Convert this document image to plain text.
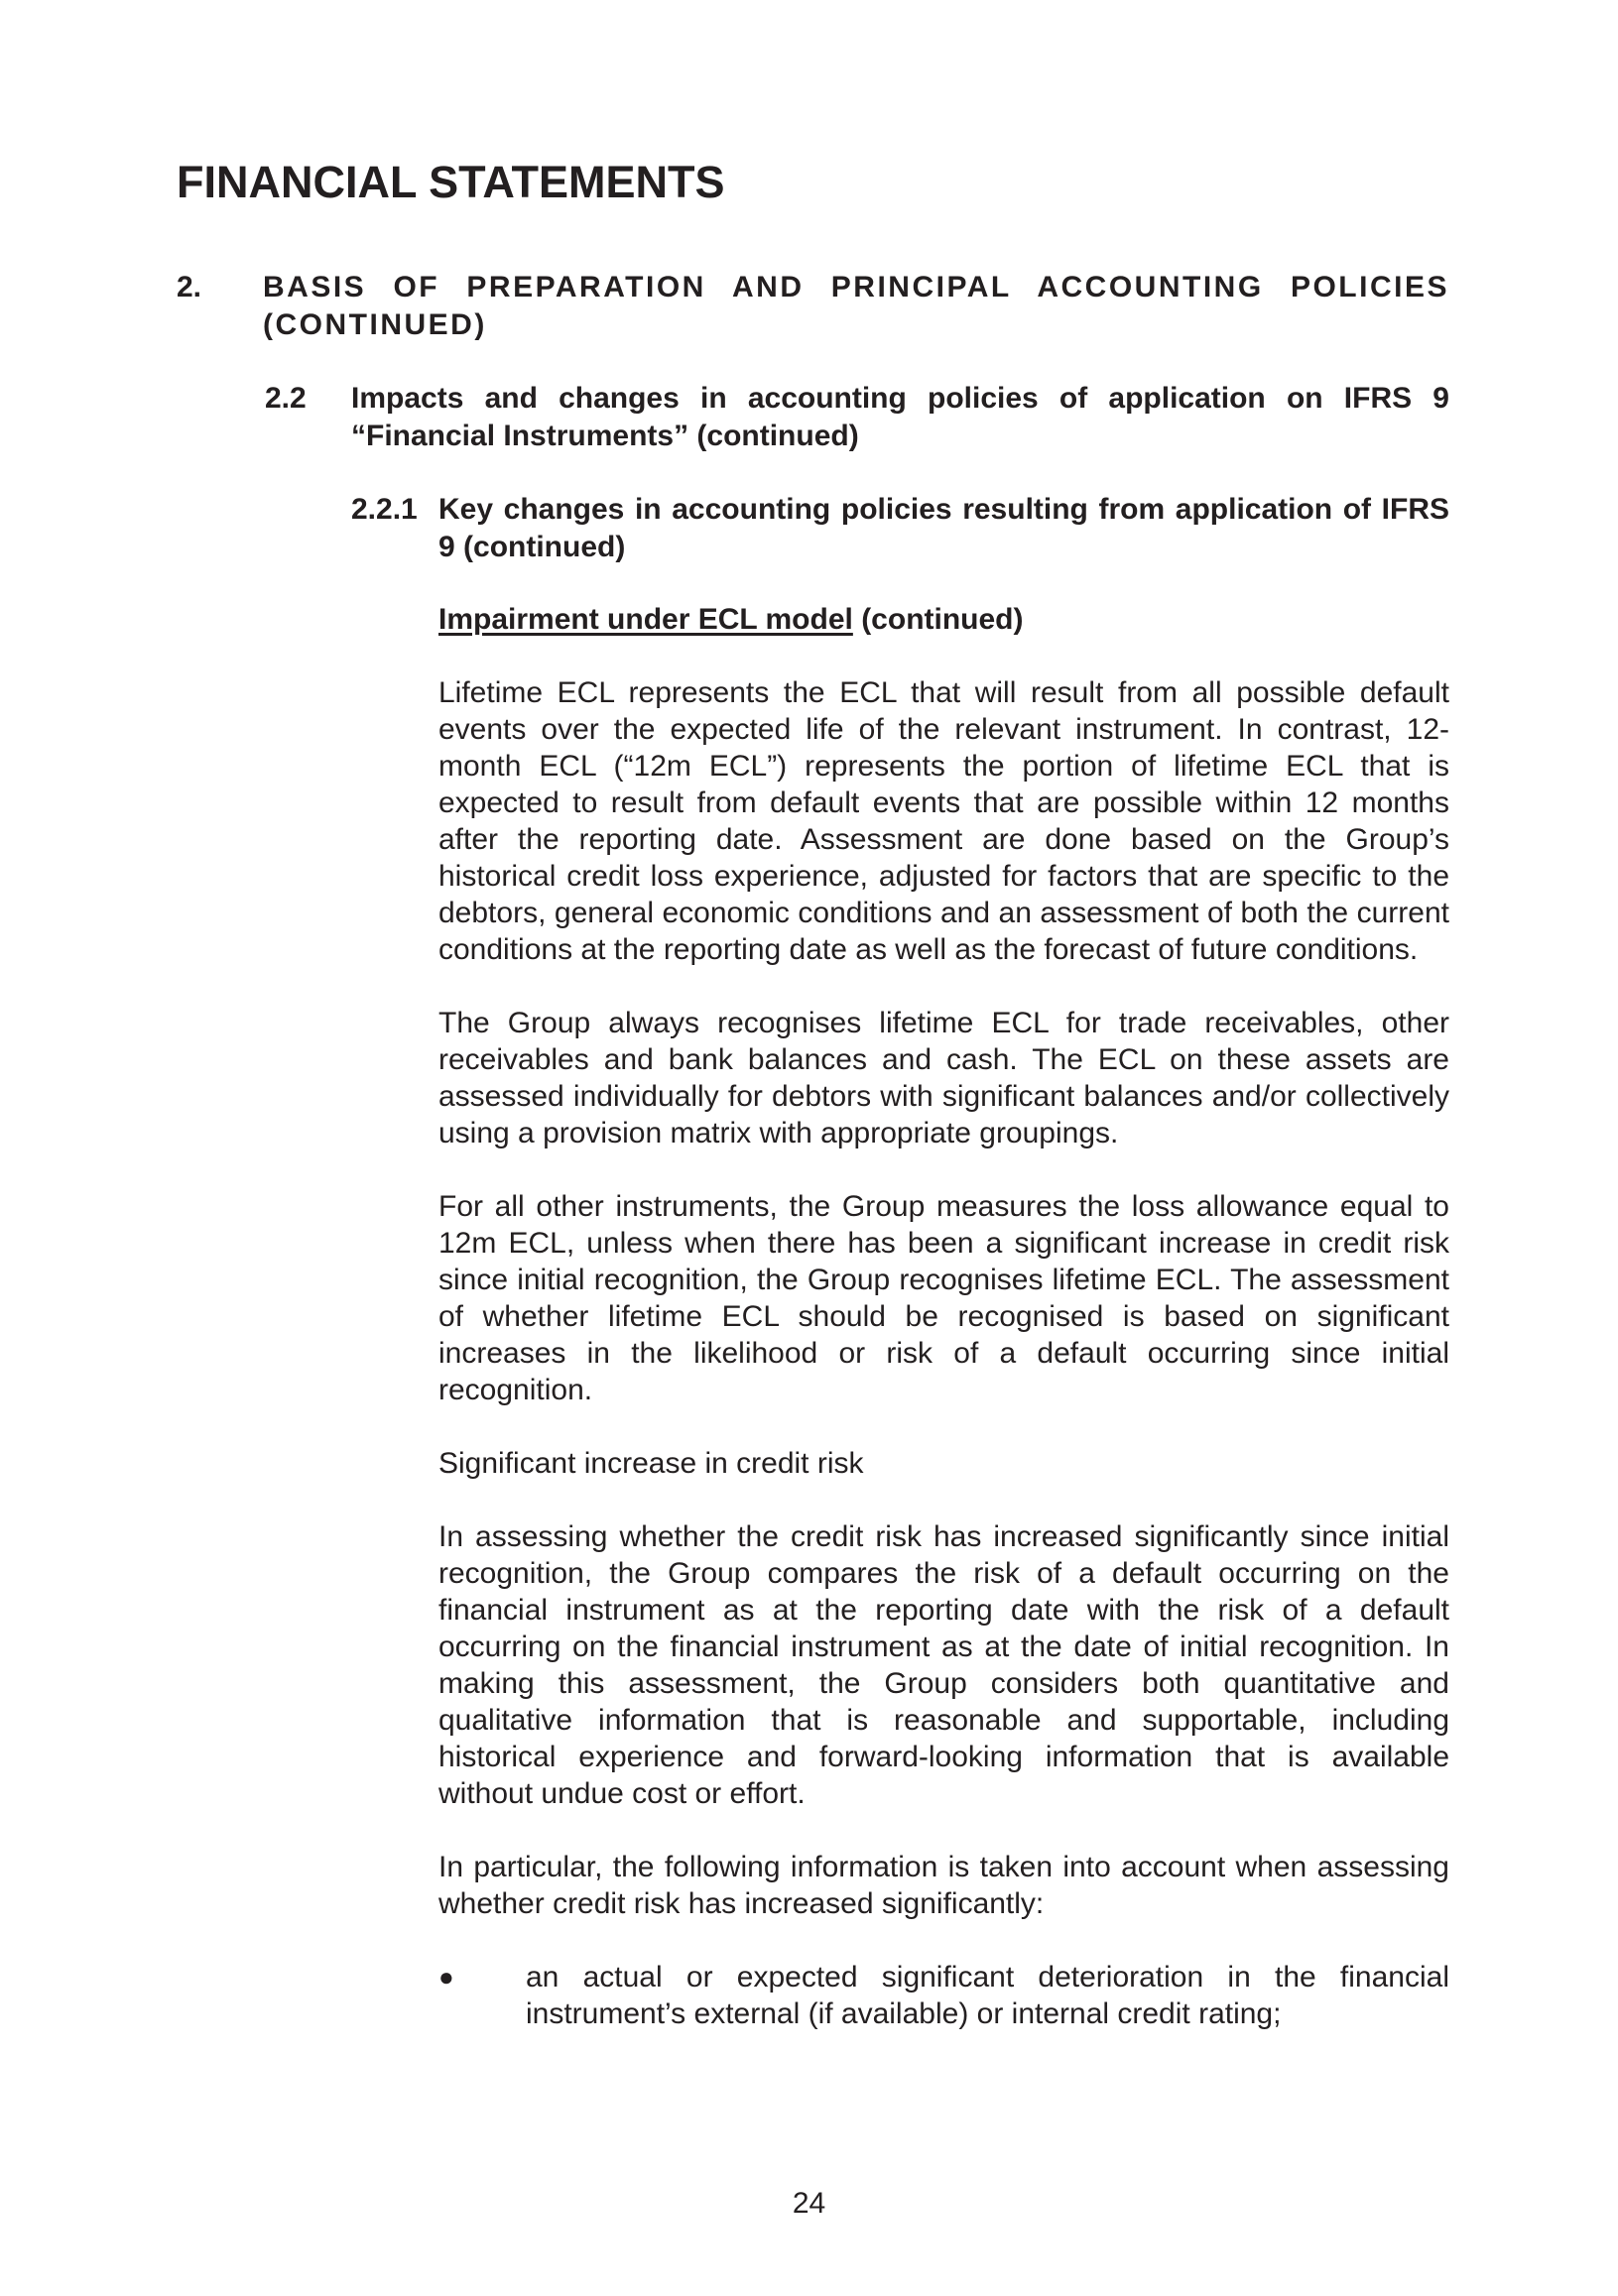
FINANCIAL STATEMENTS
2.	BASIS OF PREPARATION AND PRINCIPAL ACCOUNTING POLICIES (CONTINUED)
2.2	Impacts and changes in accounting policies of application on IFRS 9 “Financial Instruments” (continued)
2.2.1 Key changes in accounting policies resulting from application of IFRS 9 (continued)

Impairment under ECL model (continued)

Lifetime ECL represents the ECL that will result from all possible default events over the expected life of the relevant instrument. In contrast, 12-month ECL (“12m ECL”) represents the portion of lifetime ECL that is expected to result from default events that are possible within 12 months after the reporting date. Assessment are done based on the Group’s historical credit loss experience, adjusted for factors that are specific to the debtors, general economic conditions and an assessment of both the current conditions at the reporting date as well as the forecast of future conditions.

The Group always recognises lifetime ECL for trade receivables, other receivables and bank balances and cash. The ECL on these assets are assessed individually for debtors with significant balances and/or collectively using a provision matrix with appropriate groupings.

For all other instruments, the Group measures the loss allowance equal to 12m ECL, unless when there has been a significant increase in credit risk since initial recognition, the Group recognises lifetime ECL. The assessment of whether lifetime ECL should be recognised is based on significant increases in the likelihood or risk of a default occurring since initial recognition.

Significant increase in credit risk

In assessing whether the credit risk has increased significantly since initial recognition, the Group compares the risk of a default occurring on the financial instrument as at the reporting date with the risk of a default occurring on the financial instrument as at the date of initial recognition. In making this assessment, the Group considers both quantitative and qualitative information that is reasonable and supportable, including historical experience and forward-looking information that is available without undue cost or effort.

In particular, the following information is taken into account when assessing whether credit risk has increased significantly:

●	an actual or expected significant deterioration in the financial instrument’s external (if available) or internal credit rating;
24
